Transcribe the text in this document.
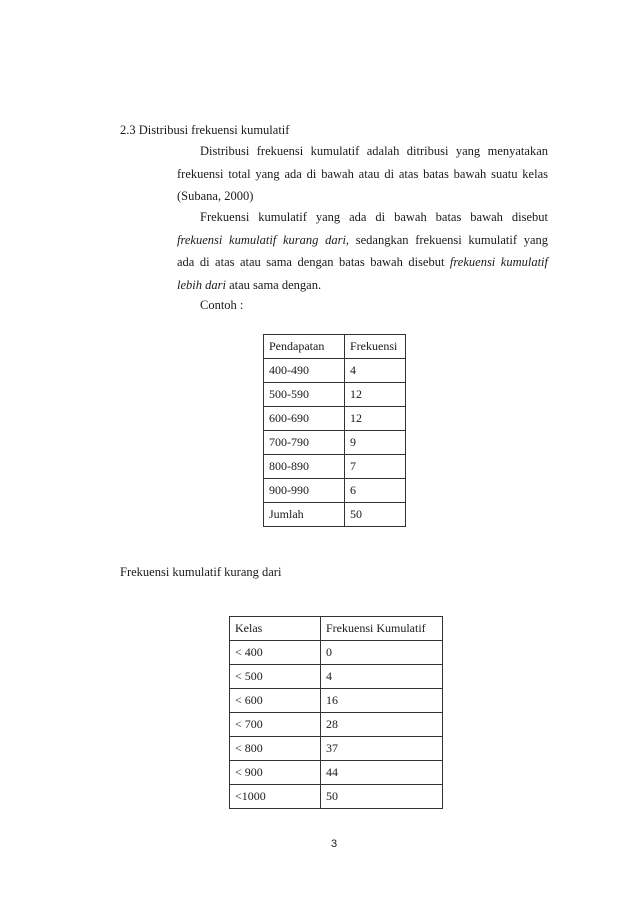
2.3 Distribusi frekuensi kumulatif
Distribusi frekuensi kumulatif adalah ditribusi yang menyatakan
frekuensi total yang ada di bawah atau di atas batas bawah suatu kelas
(Subana, 2000)
Frekuensi kumulatif yang ada di bawah batas bawah disebut
frekuensi kumulatif kurang dari, sedangkan frekuensi kumulatif yang
ada di atas atau sama dengan batas bawah disebut frekuensi kumulatif
lebih dari atau sama dengan.
Contoh :
Pendapatan	Frekuensi
400-490	4
500-590	12
600-690	12
700-790	9
800-890	7
900-990	6
Jumlah	50
Frekuensi kumulatif kurang dari
Kelas	Frekuensi Kumulatif
< 400	0
< 500	4
< 600	16
< 700	28
< 800	37
< 900	44
<1000	50
3
